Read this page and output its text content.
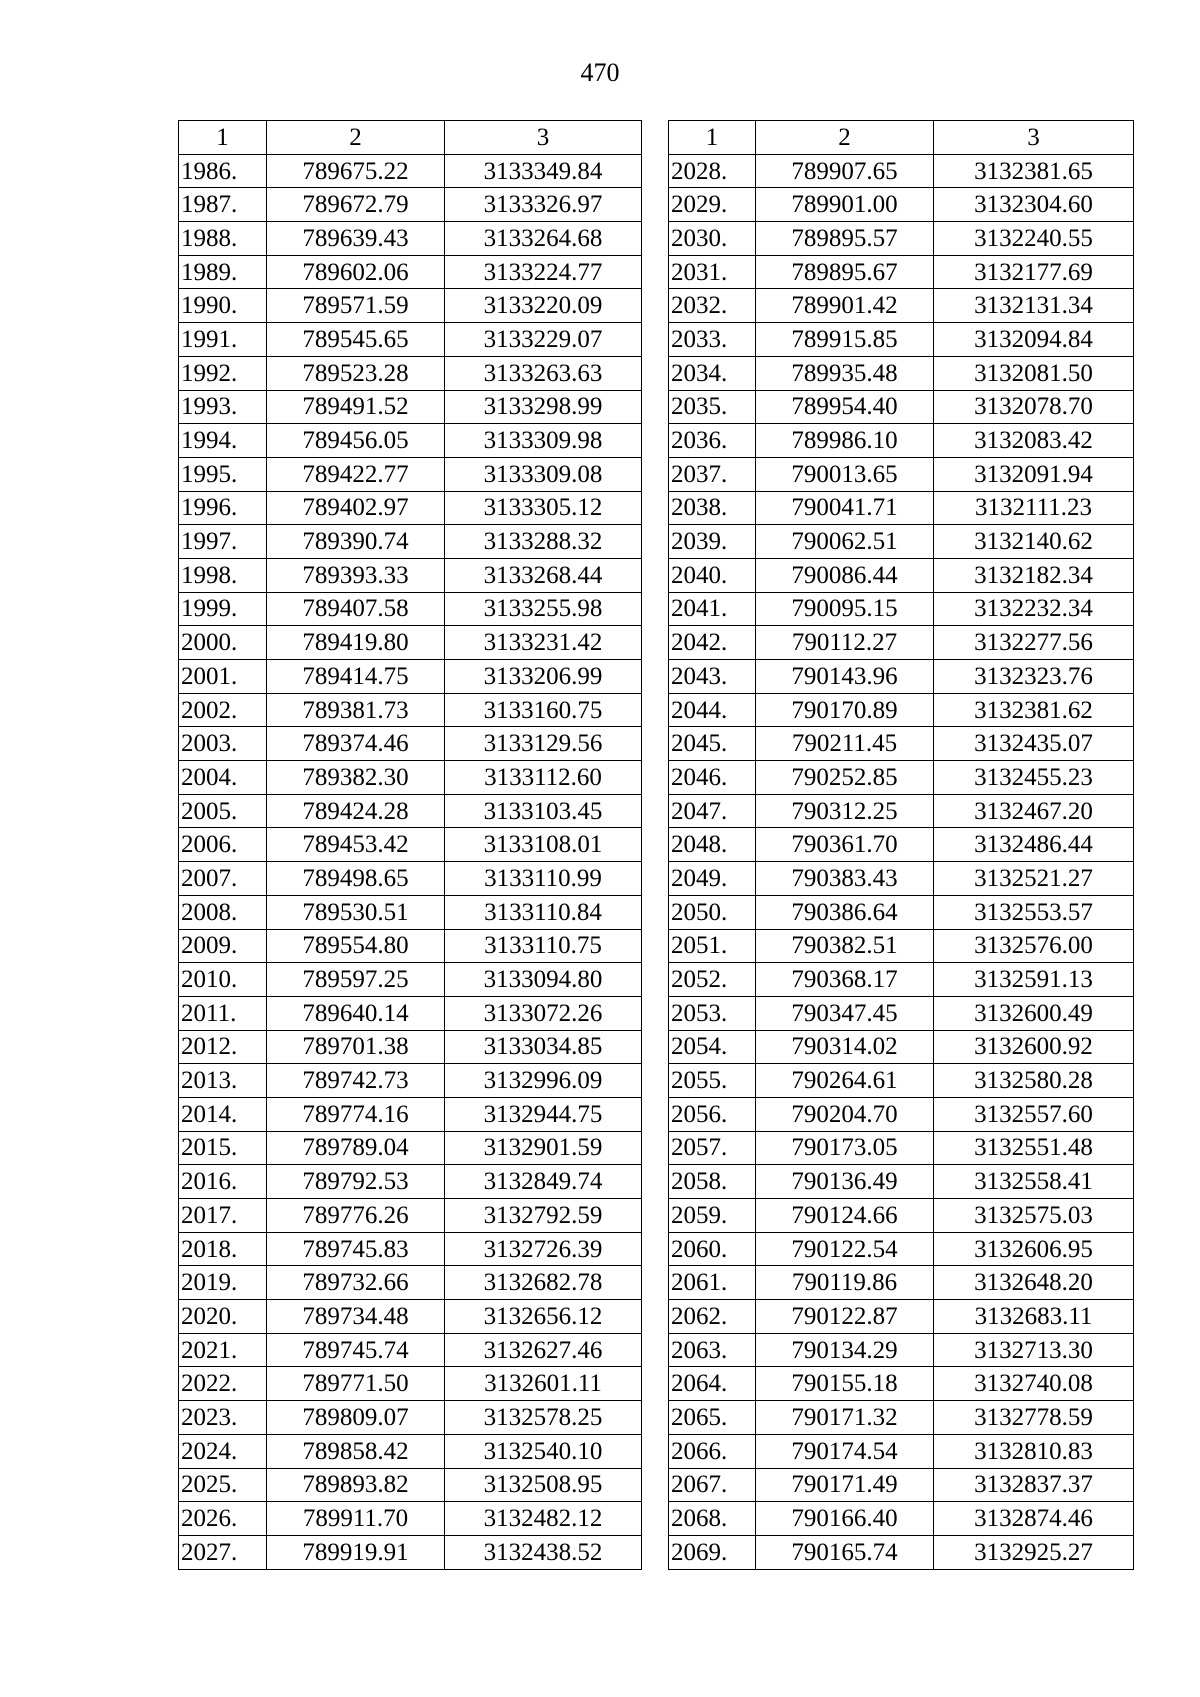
470
1	2	3
1986.	789675.22	3133349.84
1987.	789672.79	3133326.97
1988.	789639.43	3133264.68
1989.	789602.06	3133224.77
1990.	789571.59	3133220.09
1991.	789545.65	3133229.07
1992.	789523.28	3133263.63
1993.	789491.52	3133298.99
1994.	789456.05	3133309.98
1995.	789422.77	3133309.08
1996.	789402.97	3133305.12
1997.	789390.74	3133288.32
1998.	789393.33	3133268.44
1999.	789407.58	3133255.98
2000.	789419.80	3133231.42
2001.	789414.75	3133206.99
2002.	789381.73	3133160.75
2003.	789374.46	3133129.56
2004.	789382.30	3133112.60
2005.	789424.28	3133103.45
2006.	789453.42	3133108.01
2007.	789498.65	3133110.99
2008.	789530.51	3133110.84
2009.	789554.80	3133110.75
2010.	789597.25	3133094.80
2011.	789640.14	3133072.26
2012.	789701.38	3133034.85
2013.	789742.73	3132996.09
2014.	789774.16	3132944.75
2015.	789789.04	3132901.59
2016.	789792.53	3132849.74
2017.	789776.26	3132792.59
2018.	789745.83	3132726.39
2019.	789732.66	3132682.78
2020.	789734.48	3132656.12
2021.	789745.74	3132627.46
2022.	789771.50	3132601.11
2023.	789809.07	3132578.25
2024.	789858.42	3132540.10
2025.	789893.82	3132508.95
2026.	789911.70	3132482.12
2027.	789919.91	3132438.52
1	2	3
2028.	789907.65	3132381.65
2029.	789901.00	3132304.60
2030.	789895.57	3132240.55
2031.	789895.67	3132177.69
2032.	789901.42	3132131.34
2033.	789915.85	3132094.84
2034.	789935.48	3132081.50
2035.	789954.40	3132078.70
2036.	789986.10	3132083.42
2037.	790013.65	3132091.94
2038.	790041.71	3132111.23
2039.	790062.51	3132140.62
2040.	790086.44	3132182.34
2041.	790095.15	3132232.34
2042.	790112.27	3132277.56
2043.	790143.96	3132323.76
2044.	790170.89	3132381.62
2045.	790211.45	3132435.07
2046.	790252.85	3132455.23
2047.	790312.25	3132467.20
2048.	790361.70	3132486.44
2049.	790383.43	3132521.27
2050.	790386.64	3132553.57
2051.	790382.51	3132576.00
2052.	790368.17	3132591.13
2053.	790347.45	3132600.49
2054.	790314.02	3132600.92
2055.	790264.61	3132580.28
2056.	790204.70	3132557.60
2057.	790173.05	3132551.48
2058.	790136.49	3132558.41
2059.	790124.66	3132575.03
2060.	790122.54	3132606.95
2061.	790119.86	3132648.20
2062.	790122.87	3132683.11
2063.	790134.29	3132713.30
2064.	790155.18	3132740.08
2065.	790171.32	3132778.59
2066.	790174.54	3132810.83
2067.	790171.49	3132837.37
2068.	790166.40	3132874.46
2069.	790165.74	3132925.27
